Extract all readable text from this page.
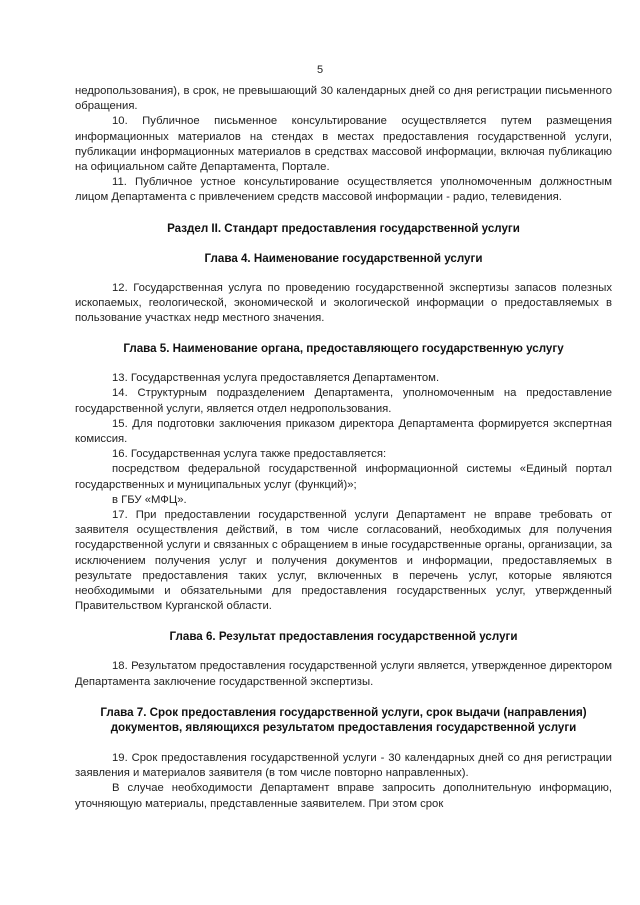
5

недропользования), в срок, не превышающий 30 календарных дней со дня регистрации письменного обращения.

10. Публичное письменное консультирование осуществляется путем размещения информационных материалов на стендах в местах предоставления государственной услуги, публикации информационных материалов в средствах массовой информации, включая публикацию на официальном сайте Департамента, Портале.

11. Публичное устное консультирование осуществляется уполномоченным должностным лицом Департамента с привлечением средств массовой информации - радио, телевидения.

Раздел II. Стандарт предоставления государственной услуги
Глава 4. Наименование государственной услуги

12. Государственная услуга по проведению государственной экспертизы запасов полезных ископаемых, геологической, экономической и экологической информации о предоставляемых в пользование участках недр местного значения.

Глава 5. Наименование органа, предоставляющего государственную услугу

13. Государственная услуга предоставляется Департаментом.

14. Структурным подразделением Департамента, уполномоченным на предоставление государственной услуги, является отдел недропользования.

15. Для подготовки заключения приказом директора Департамента формируется экспертная комиссия.

16. Государственная услуга также предоставляется:

посредством федеральной государственной информационной системы «Единый портал государственных и муниципальных услуг (функций)»;

в ГБУ «МФЦ».

17. При предоставлении государственной услуги Департамент не вправе требовать от заявителя осуществления действий, в том числе согласований, необходимых для получения государственной услуги и связанных с обращением в иные государственные органы, организации, за исключением получения услуг и получения документов и информации, предоставляемых в результате предоставления таких услуг, включенных в перечень услуг, которые являются необходимыми и обязательными для предоставления государственных услуг, утвержденный Правительством Курганской области.

Глава 6. Результат предоставления государственной услуги

18. Результатом предоставления государственной услуги является, утвержденное директором Департамента заключение государственной экспертизы.

Глава 7. Срок предоставления государственной услуги, срок выдачи (направления) документов, являющихся результатом предоставления государственной услуги

19. Срок предоставления государственной услуги - 30 календарных дней со дня регистрации заявления и материалов заявителя (в том числе повторно направленных).

В случае необходимости Департамент вправе запросить дополнительную информацию, уточняющую материалы, представленные заявителем. При этом срок
